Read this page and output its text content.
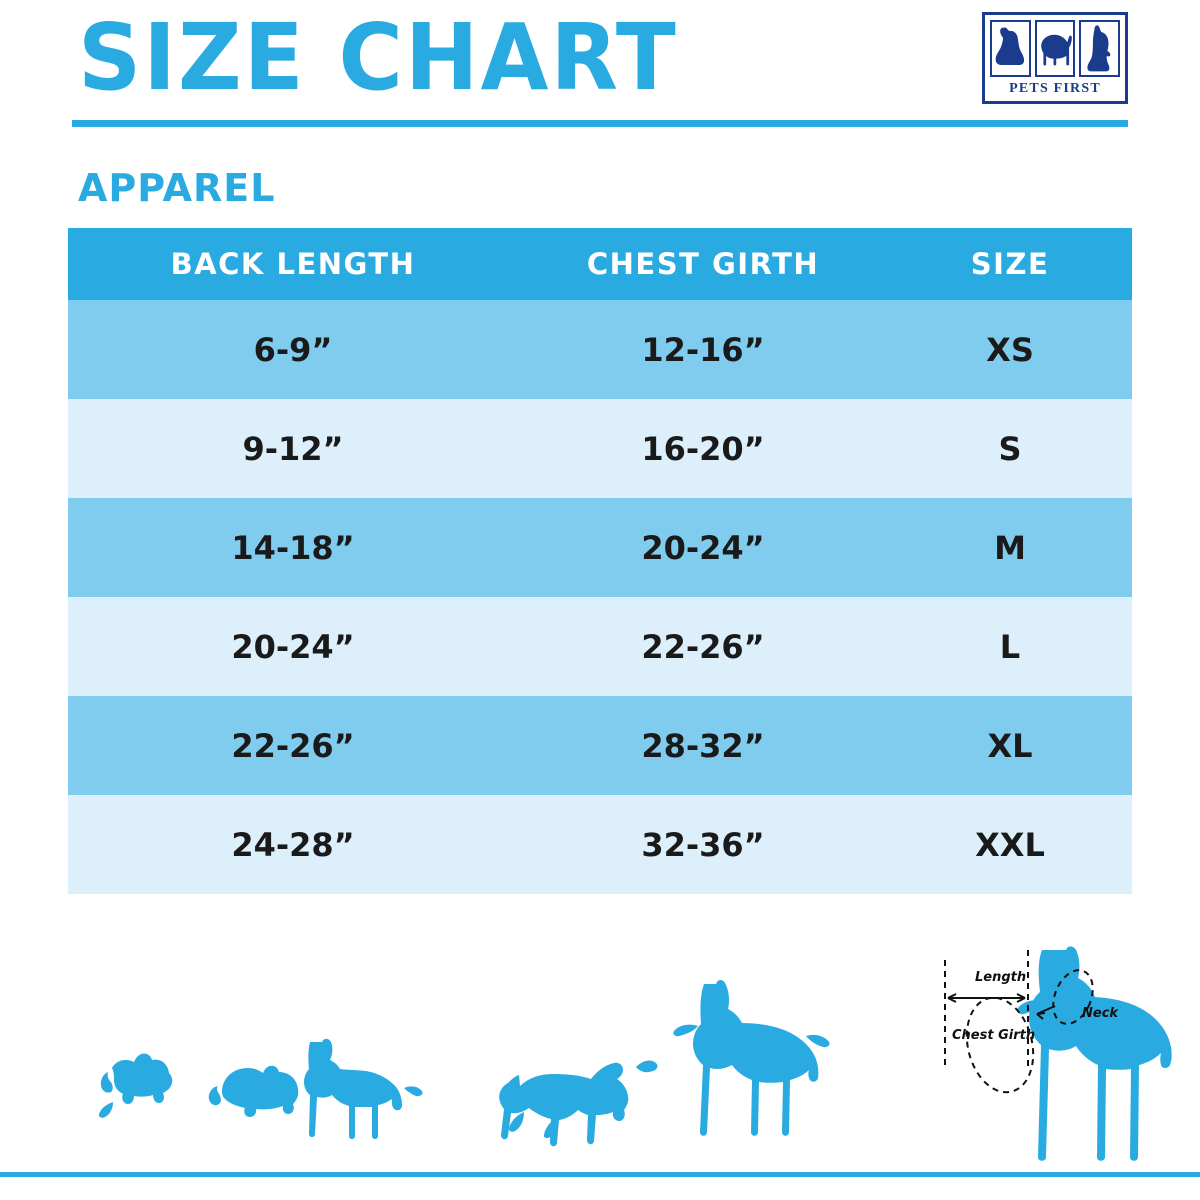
SIZE CHART	PETS FIRST
APPAREL
BACK LENGTH	CHEST GIRTH	SIZE
6-9”	12-16”	XS
9-12”	16-20”	S
14-18”	20-24”	M
20-24”	22-26”	L
22-26”	28-32”	XL
24-28”	32-36”	XXL
Length
Neck
Chest Girth
